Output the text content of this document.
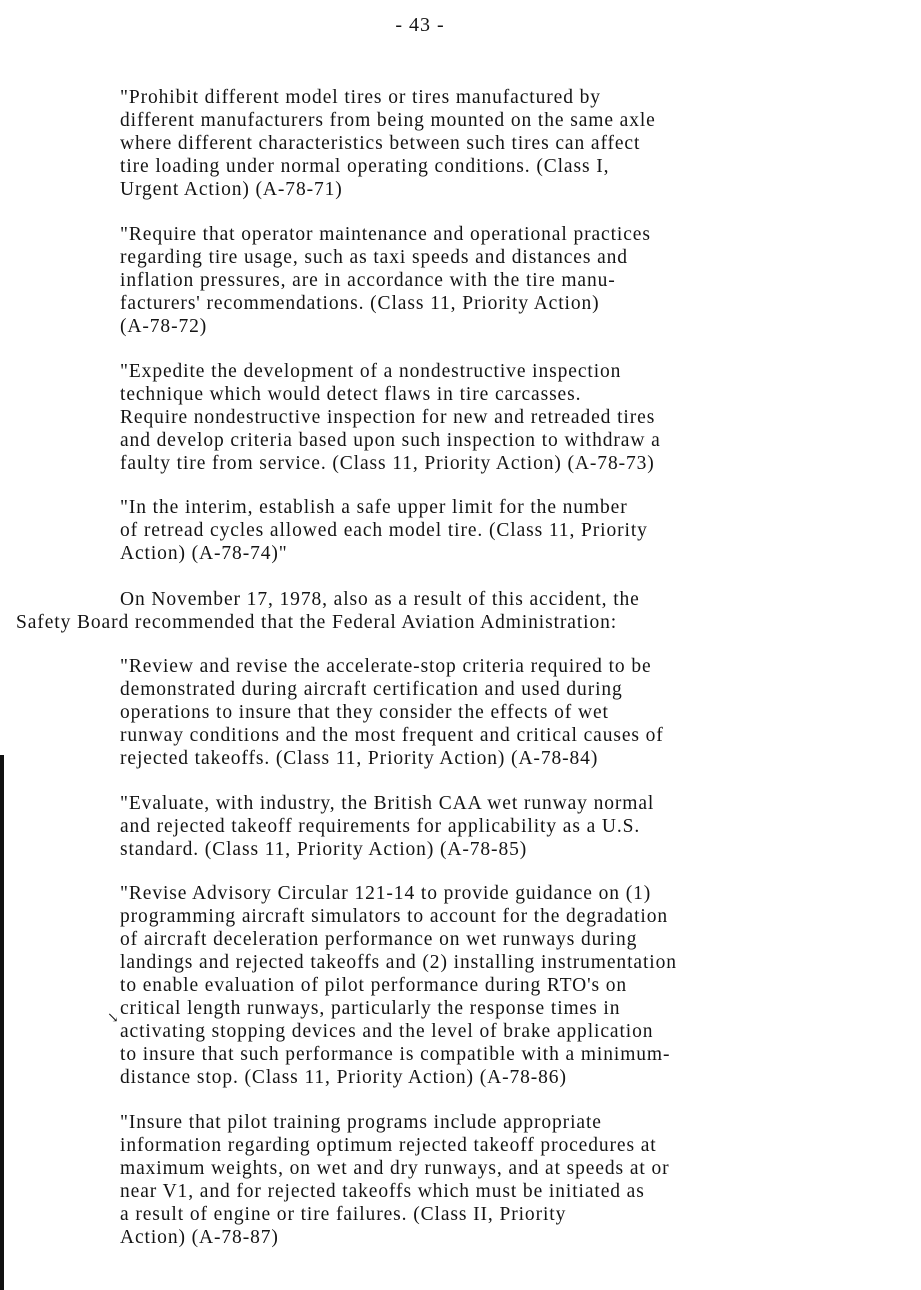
- 43 -
"Prohibit different model tires or tires manufactured by
different manufacturers from being mounted on the same axle
where different characteristics between such tires can affect
tire loading under normal operating conditions. (Class I,
Urgent Action) (A-78-71)
"Require that operator maintenance and operational practices
regarding tire usage, such as taxi speeds and distances and
inflation pressures, are in accordance with the tire manu-
facturers' recommendations. (Class 11, Priority Action)
(A-78-72)
"Expedite the development of a nondestructive inspection
technique which would detect flaws in tire carcasses.
Require nondestructive inspection for new and retreaded tires
and develop criteria based upon such inspection to withdraw a
faulty tire from service. (Class 11, Priority Action) (A-78-73)
"In the interim, establish a safe upper limit for the number
of retread cycles allowed each model tire. (Class 11, Priority
Action) (A-78-74)"
On November 17, 1978, also as a result of this accident, the
Safety Board recommended that the Federal Aviation Administration:
"Review and revise the accelerate-stop criteria required to be
demonstrated during aircraft certification and used during
operations to insure that they consider the effects of wet
runway conditions and the most frequent and critical causes of
rejected takeoffs. (Class 11, Priority Action) (A-78-84)
"Evaluate, with industry, the British CAA wet runway normal
and rejected takeoff requirements for applicability as a U.S.
standard. (Class 11, Priority Action) (A-78-85)
"Revise Advisory Circular 121-14 to provide guidance on (1)
programming aircraft simulators to account for the degradation
of aircraft deceleration performance on wet runways during
landings and rejected takeoffs and (2) installing instrumentation
to enable evaluation of pilot performance during RTO's on
critical length runways, particularly the response times in
activating stopping devices and the level of brake application
to insure that such performance is compatible with a minimum-
distance stop. (Class 11, Priority Action) (A-78-86)
"Insure that pilot training programs include appropriate
information regarding optimum rejected takeoff procedures at
maximum weights, on wet and dry runways, and at speeds at or
near V1, and for rejected takeoffs which must be initiated as
a result of engine or tire failures. (Class II, Priority
Action) (A-78-87)
↘
